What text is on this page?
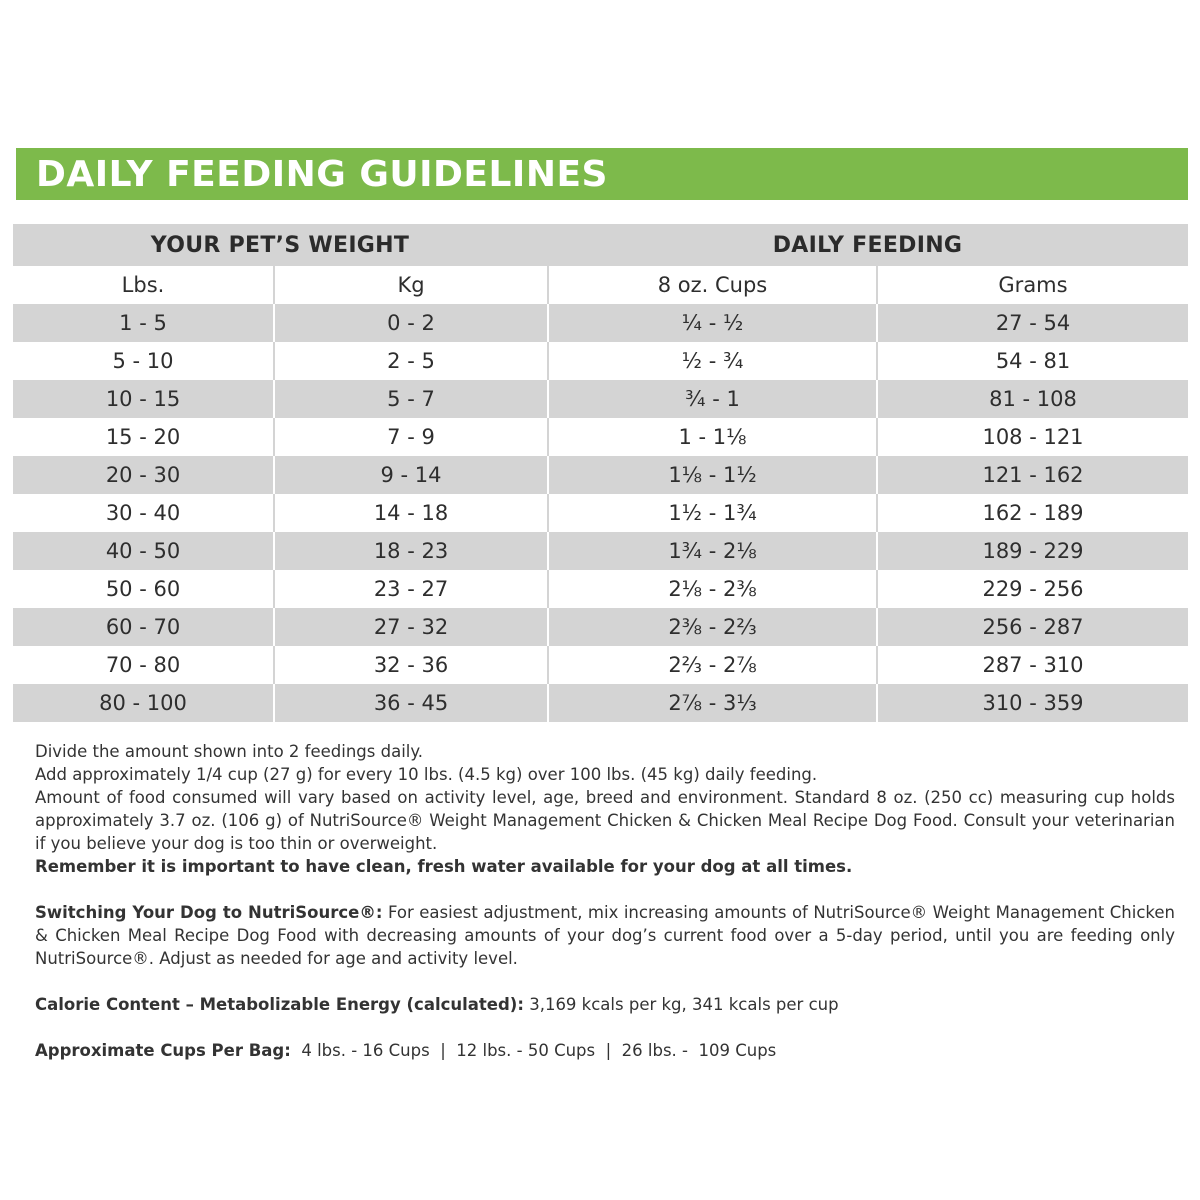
DAILY FEEDING GUIDELINES
YOUR PET’S WEIGHT	DAILY FEEDING
Lbs.	Kg	8 oz. Cups	Grams
1 - 5	0 - 2	¼ - ½	27 - 54
5 - 10	2 - 5	½ - ¾	54 - 81
10 - 15	5 - 7	¾ - 1	81 - 108
15 - 20	7 - 9	1 - 1⅛	108 - 121
20 - 30	9 - 14	1⅛ - 1½	121 - 162
30 - 40	14 - 18	1½ - 1¾	162 - 189
40 - 50	18 - 23	1¾ - 2⅛	189 - 229
50 - 60	23 - 27	2⅛ - 2⅜	229 - 256
60 - 70	27 - 32	2⅜ - 2⅔	256 - 287
70 - 80	32 - 36	2⅔ - 2⅞	287 - 310
80 - 100	36 - 45	2⅞ - 3⅓	310 - 359

Divide the amount shown into 2 feedings daily.

Add approximately 1/4 cup (27 g) for every 10 lbs. (4.5 kg) over 100 lbs. (45 kg) daily feeding.

Amount of food consumed will vary based on activity level, age, breed and environment. Standard 8 oz. (250 cc) measuring cup holds approximately 3.7 oz. (106 g) of NutriSource® Weight Management Chicken & Chicken Meal Recipe Dog Food. Consult your veterinarian if you believe your dog is too thin or overweight.

Remember it is important to have clean, fresh water available for your dog at all times.

Switching Your Dog to NutriSource®: For easiest adjustment, mix increasing amounts of NutriSource® Weight Management Chicken & Chicken Meal Recipe Dog Food with decreasing amounts of your dog’s current food over a 5-day period, until you are feeding only NutriSource®. Adjust as needed for age and activity level.

Calorie Content – Metabolizable Energy (calculated): 3,169 kcals per kg, 341 kcals per cup

Approximate Cups Per Bag:  4 lbs. - 16 Cups  |  12 lbs. - 50 Cups  |  26 lbs. -  109 Cups
